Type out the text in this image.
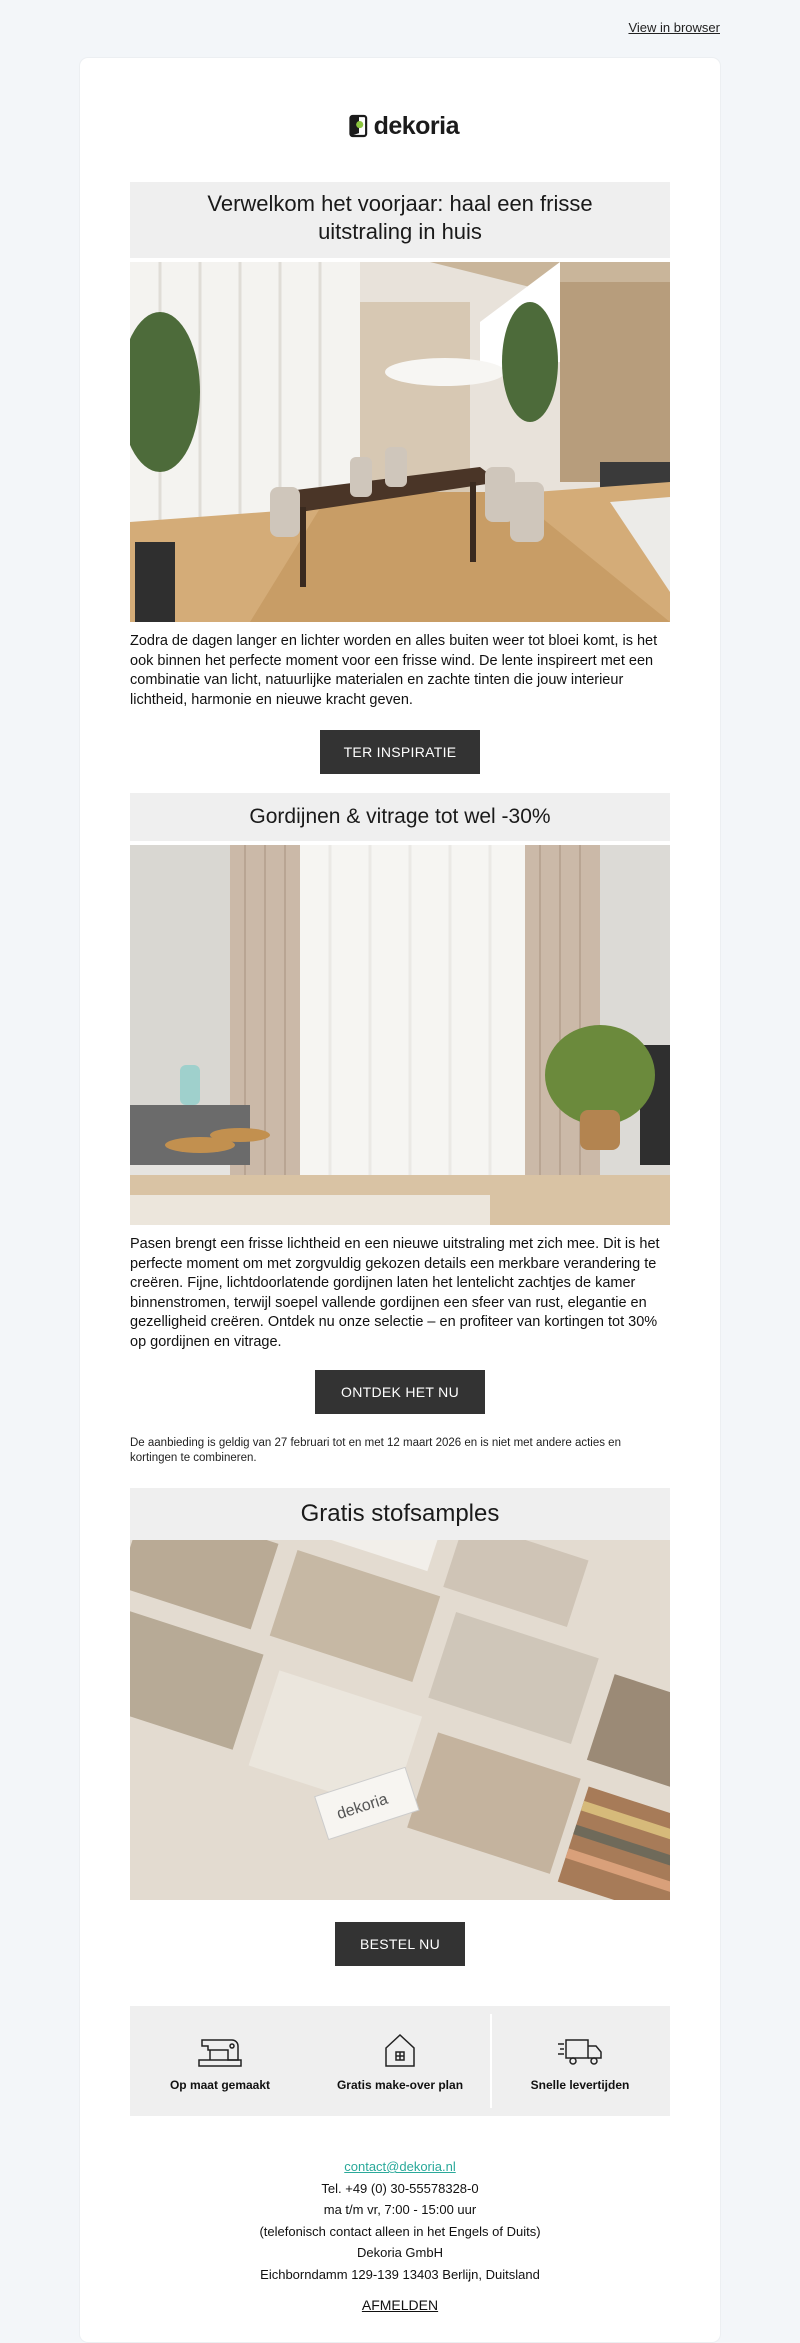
View in browser
dekoria
Verwelkom het voorjaar: haal een frisse uitstraling in huis
Zodra de dagen langer en lichter worden en alles buiten weer tot bloei komt, is het ook binnen het perfecte moment voor een frisse wind. De lente inspireert met een combinatie van licht, natuurlijke materialen en zachte tinten die jouw interieur lichtheid, harmonie en nieuwe kracht geven.
TER INSPIRATIE
Gordijnen & vitrage tot wel -30%
Pasen brengt een frisse lichtheid en een nieuwe uitstraling met zich mee. Dit is het perfecte moment om met zorgvuldig gekozen details een merkbare verandering te creëren. Fijne, lichtdoorlatende gordijnen laten het lentelicht zachtjes de kamer binnenstromen, terwijl soepel vallende gordijnen een sfeer van rust, elegantie en gezelligheid creëren. Ontdek nu onze selectie – en profiteer van kortingen tot 30% op gordijnen en vitrage.
ONTDEK HET NU
De aanbieding is geldig van 27 februari tot en met 12 maart 2026 en is niet met andere acties en kortingen te combineren.
Gratis stofsamples
dekoria
BESTEL NU
Op maat gemaakt	Gratis make-over plan	Snelle levertijden
contact@dekoria.nl
Tel. +49 (0) 30-55578328-0
ma t/m vr, 7:00 - 15:00 uur
(telefonisch contact alleen in het Engels of Duits)
Dekoria GmbH
Eichborndamm 129-139 13403 Berlijn, Duitsland
AFMELDEN
